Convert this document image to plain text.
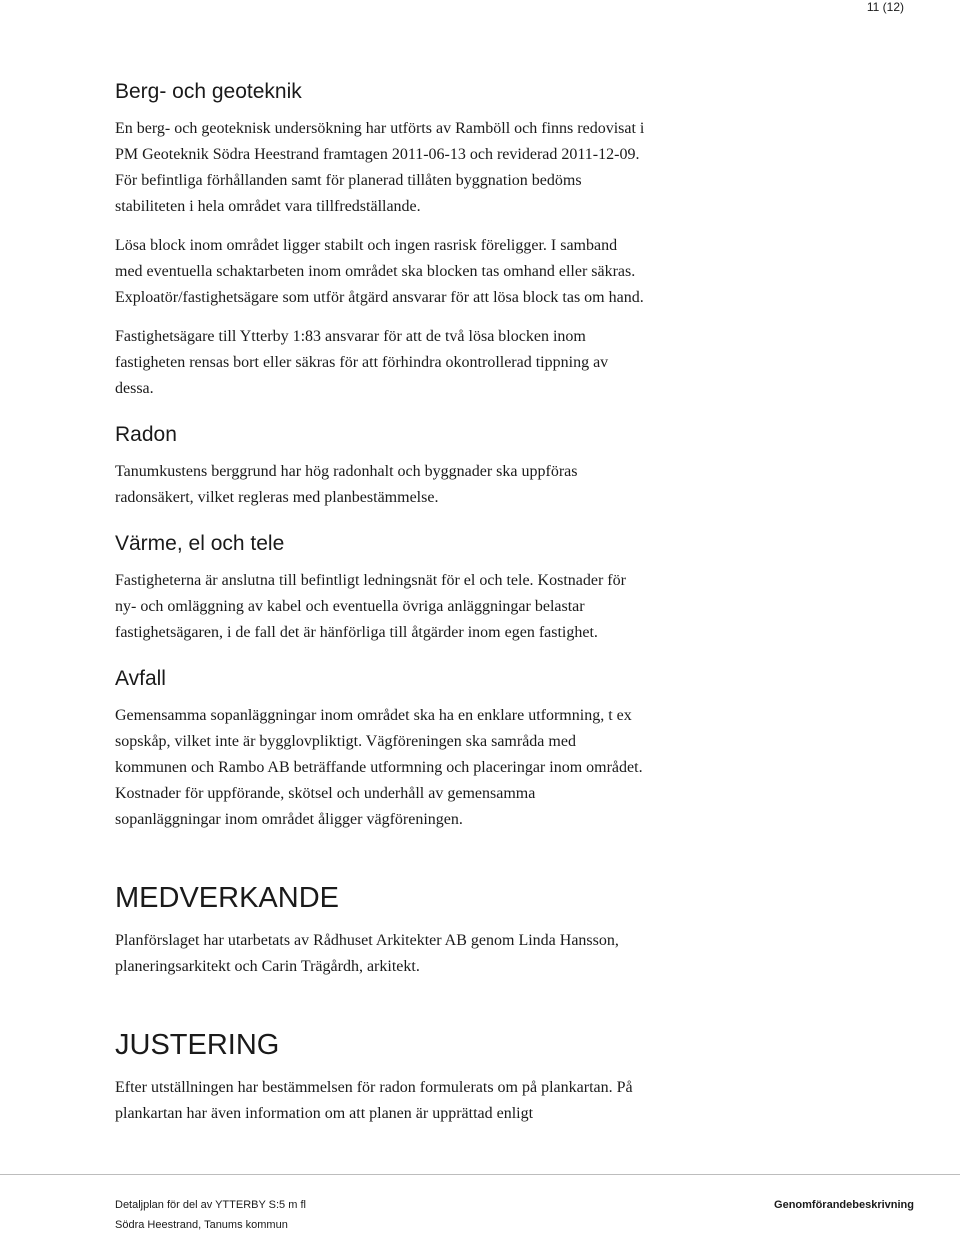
11 (12)
Berg- och geoteknik

En berg- och geoteknisk undersökning har utförts av Ramböll och finns redovisat i PM Geoteknik Södra Heestrand framtagen 2011-06-13 och reviderad 2011-12-09. För befintliga förhållanden samt för planerad tillåten byggnation bedöms stabiliteten i hela området vara tillfredställande.

Lösa block inom området ligger stabilt och ingen rasrisk föreligger. I samband med eventuella schaktarbeten inom området ska blocken tas omhand eller säkras. Exploatör/fastighetsägare som utför åtgärd ansvarar för att lösa block tas om hand.

Fastighetsägare till Ytterby 1:83 ansvarar för att de två lösa blocken inom fastigheten rensas bort eller säkras för att förhindra okontrollerad tippning av dessa.

Radon

Tanumkustens berggrund har hög radonhalt och byggnader ska uppföras radonsäkert, vilket regleras med planbestämmelse.

Värme, el och tele

Fastigheterna är anslutna till befintligt ledningsnät för el och tele. Kostnader för ny- och omläggning av kabel och eventuella övriga anläggningar belastar fastighetsägaren, i de fall det är hänförliga till åtgärder inom egen fastighet.

Avfall

Gemensamma sopanläggningar inom området ska ha en enklare utformning, t ex sopskåp, vilket inte är bygglovpliktigt. Vägföreningen ska samråda med kommunen och Rambo AB beträffande utformning och placeringar inom området. Kostnader för uppförande, skötsel och underhåll av gemensamma sopanläggningar inom området åligger vägföreningen.

MEDVERKANDE

Planförslaget har utarbetats av Rådhuset Arkitekter AB genom Linda Hansson, planeringsarkitekt och Carin Trägårdh, arkitekt.

JUSTERING

Efter utställningen har bestämmelsen för radon formulerats om på plankartan. På plankartan har även information om att planen är upprättad enligt

Detaljplan för del av YTTERBY S:5 m fl
Södra Heestrand, Tanums kommun
Genomförandebeskrivning
